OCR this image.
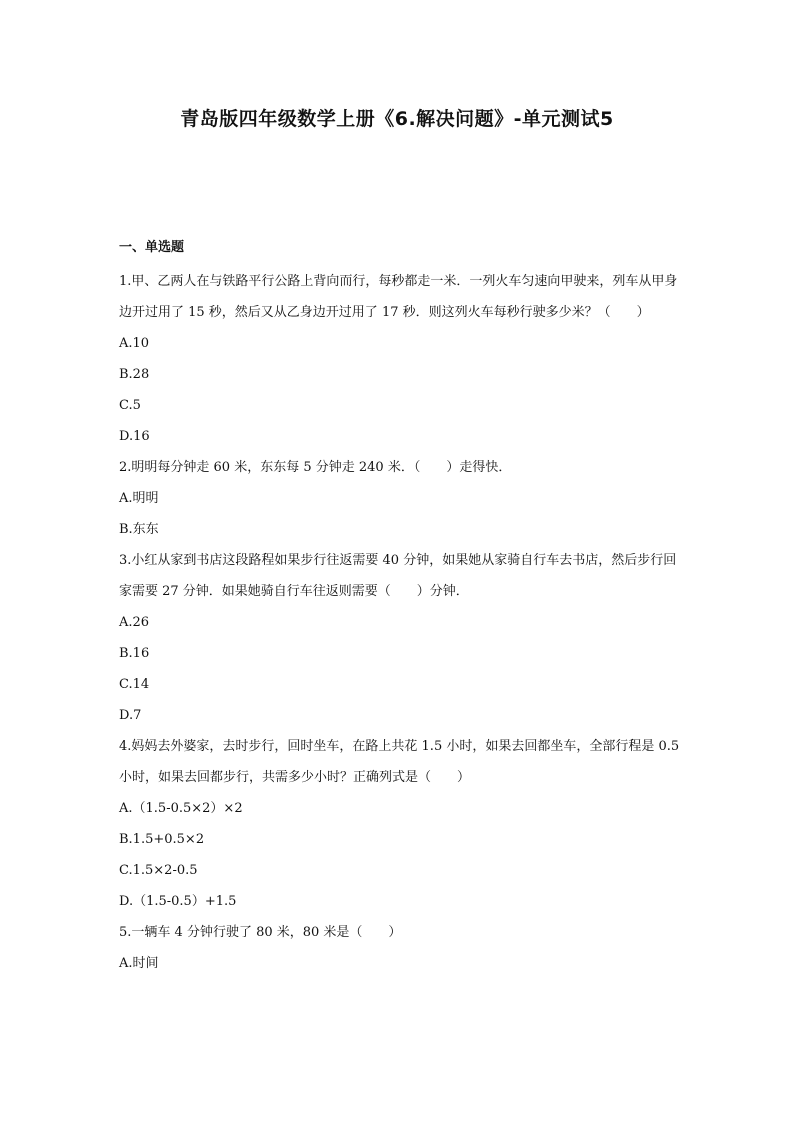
青岛版四年级数学上册《6.解决问题》-单元测试5
一、单选题
1.甲、乙两人在与铁路平行公路上背向而行，每秒都走一米．一列火车匀速向甲驶来，列车从甲身边开过用了 15 秒，然后又从乙身边开过用了 17 秒．则这列火车每秒行驶多少米？（　　）
A.10
B.28
C.5
D.16
2.明明每分钟走 60 米，东东每 5 分钟走 240 米．（　　）走得快．
A.明明
B.东东
3.小红从家到书店这段路程如果步行往返需要 40 分钟，如果她从家骑自行车去书店，然后步行回家需要 27 分钟．如果她骑自行车往返则需要（　　）分钟．
A.26
B.16
C.14
D.7
4.妈妈去外婆家，去时步行，回时坐车，在路上共花 1.5 小时，如果去回都坐车，全部行程是 0.5 小时，如果去回都步行，共需多少小时？正确列式是（　　）
A.（1.5-0.5×2）×2
B.1.5+0.5×2
C.1.5×2-0.5
D.（1.5-0.5）+1.5
5.一辆车 4 分钟行驶了 80 米，80 米是（　　）
A.时间
